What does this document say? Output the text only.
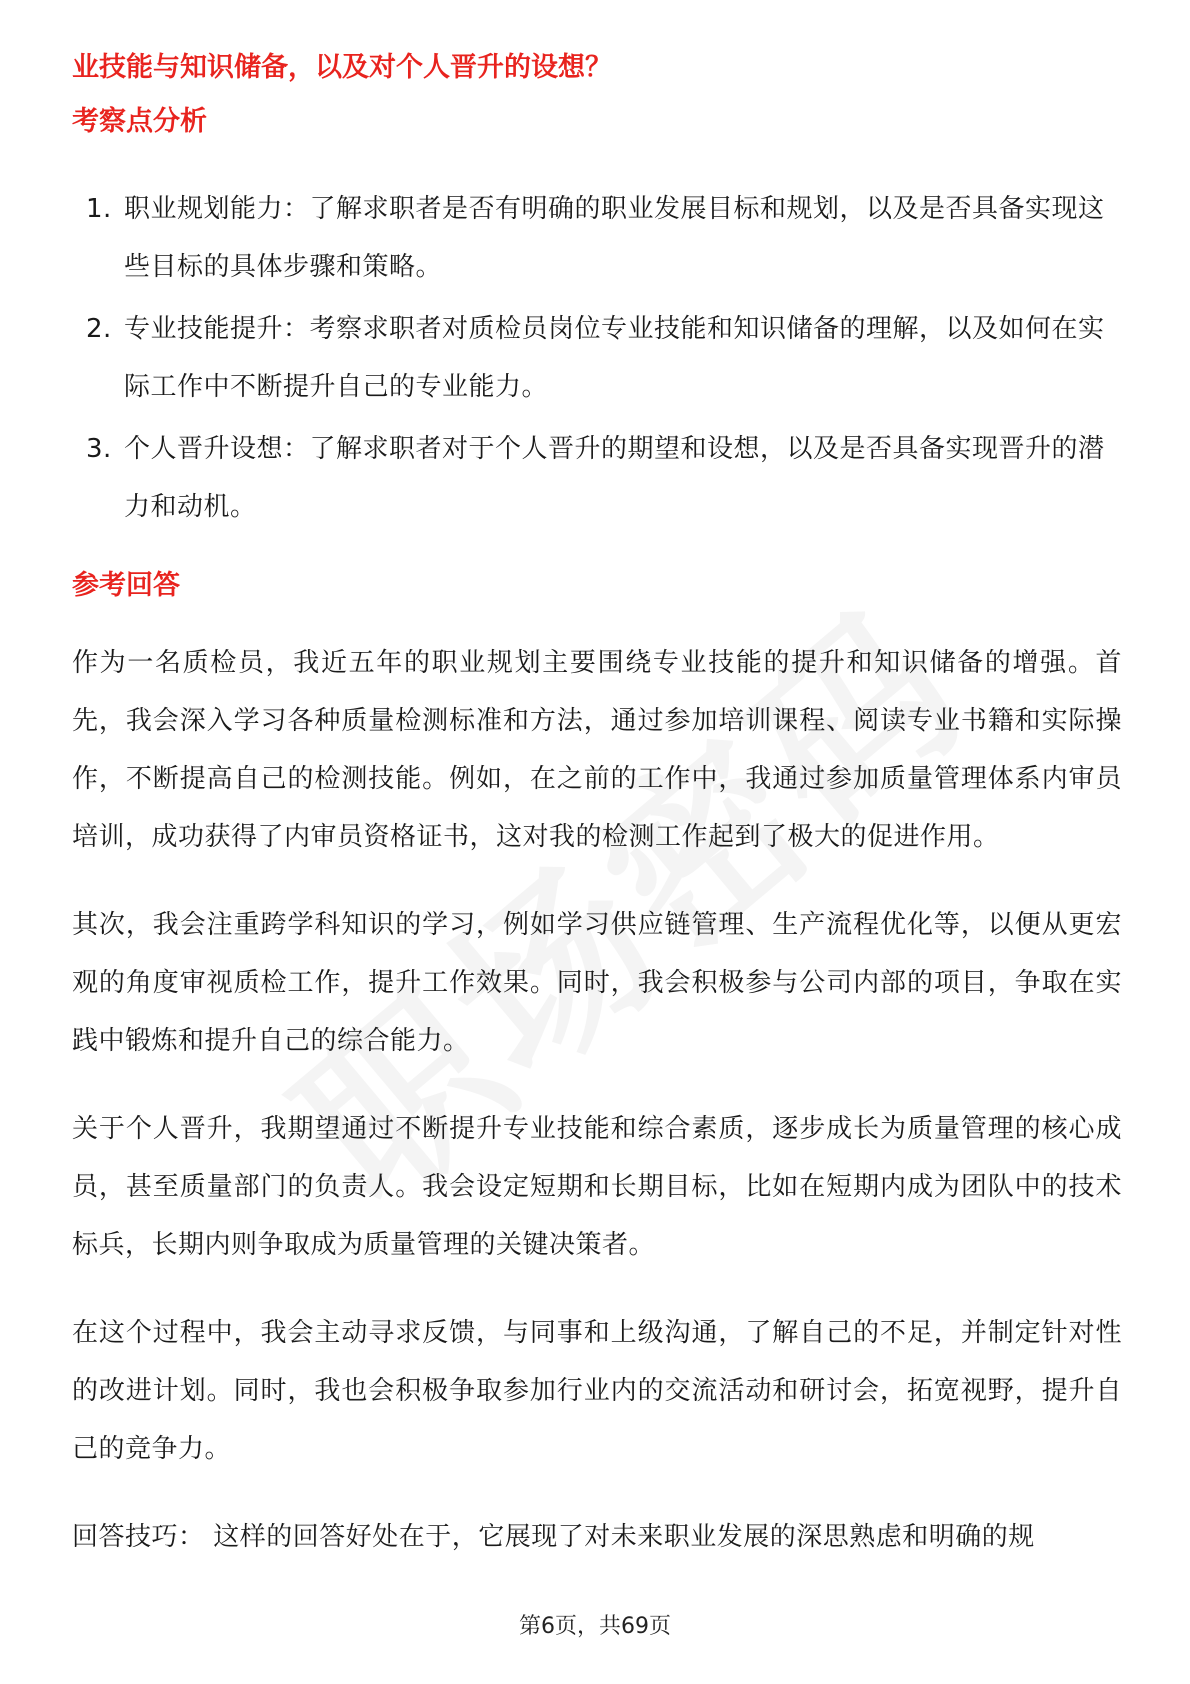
业技能与知识储备，以及对个人晋升的设想？
考察点分析
1. 职业规划能力：了解求职者是否有明确的职业发展目标和规划，以及是否具备实现这些目标的具体步骤和策略。
2. 专业技能提升：考察求职者对质检员岗位专业技能和知识储备的理解，以及如何在实际工作中不断提升自己的专业能力。
3. 个人晋升设想：了解求职者对于个人晋升的期望和设想，以及是否具备实现晋升的潜力和动机。
参考回答

作为一名质检员，我近五年的职业规划主要围绕专业技能的提升和知识储备的增强。首先，我会深入学习各种质量检测标准和方法，通过参加培训课程、阅读专业书籍和实际操作，不断提高自己的检测技能。例如，在之前的工作中，我通过参加质量管理体系内审员培训，成功获得了内审员资格证书，这对我的检测工作起到了极大的促进作用。

其次，我会注重跨学科知识的学习，例如学习供应链管理、生产流程优化等，以便从更宏观的角度审视质检工作，提升工作效果。同时，我会积极参与公司内部的项目，争取在实践中锻炼和提升自己的综合能力。

关于个人晋升，我期望通过不断提升专业技能和综合素质，逐步成长为质量管理的核心成员，甚至质量部门的负责人。我会设定短期和长期目标，比如在短期内成为团队中的技术标兵，长期内则争取成为质量管理的关键决策者。

在这个过程中，我会主动寻求反馈，与同事和上级沟通，了解自己的不足，并制定针对性的改进计划。同时，我也会积极争取参加行业内的交流活动和研讨会，拓宽视野，提升自己的竞争力。

回答技巧： 这样的回答好处在于，它展现了对未来职业发展的深思熟虑和明确的规
第6页，共69页
